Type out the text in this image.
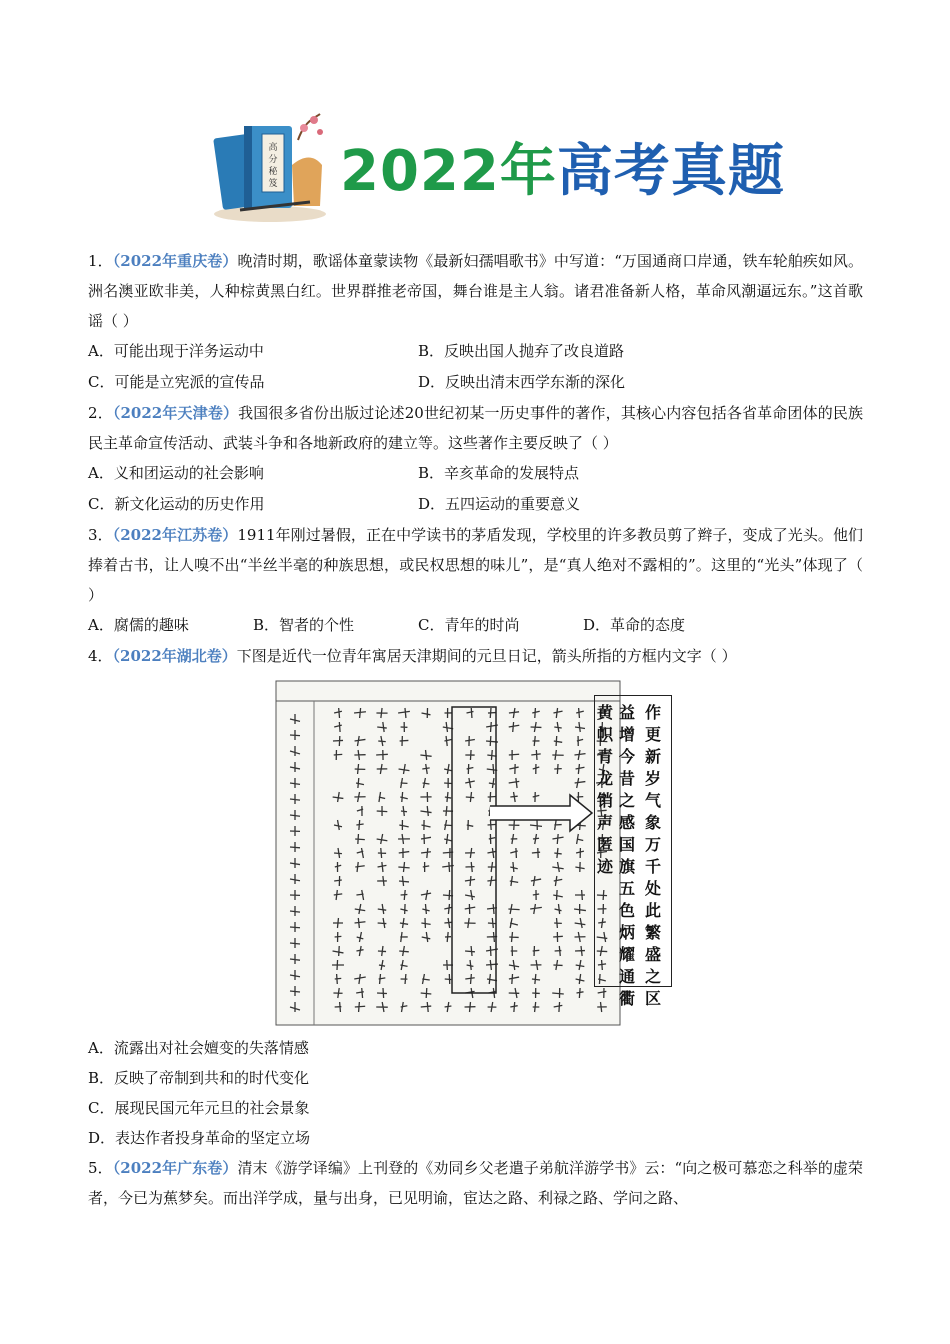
高
分
秘
笈 2022年高考真题

1．（2022年重庆卷）晚清时期，歌谣体童蒙读物《最新妇孺唱歌书》中写道：“万国通商口岸通，铁车轮舶疾如风。洲名澳亚欧非美，人种棕黄黑白红。世界群推老帝国，舞台谁是主人翁。诸君准备新人格，革命风潮逼远东。”这首歌谣（ ）

A．可能出现于洋务运动中	B．反映出国人抛弃了改良道路
C．可能是立宪派的宣传品	D．反映出清末西学东渐的深化

2．（2022年天津卷）我国很多省份出版过论述20世纪初某一历史事件的著作，其核心内容包括各省革命团体的民族民主革命宣传活动、武装斗争和各地新政府的建立等。这些著作主要反映了（ ）

A．义和团运动的社会影响	B．辛亥革命的发展特点
C．新文化运动的历史作用	D．五四运动的重要意义

3．（2022年江苏卷）1911年刚过暑假，正在中学读书的茅盾发现，学校里的许多教员剪了辫子，变成了光头。他们捧着古书，让人嗅不出“半丝半毫的种族思想，或民权思想的味儿”，是“真人绝对不露相的”。这里的“光头”体现了（ ）

A．腐儒的趣味	B．智者的个性	C．青年的时尚	D．革命的态度

4．（2022年湖北卷）下图是近代一位青年寓居天津期间的元旦日记，箭头所指的方框内文字（ ）

作更新岁气象万千处此繁盛之区
益增今昔之感国旗五色炳耀通衢
黄帜青龙销声匿迹
A．流露出对社会嬗变的失落情感
B．反映了帝制到共和的时代变化
C．展现民国元年元旦的社会景象
D．表达作者投身革命的坚定立场

5．（2022年广东卷）清末《游学译编》上刊登的《劝同乡父老遣子弟航洋游学书》云：“向之极可慕恋之科举的虚荣者，今已为蕉梦矣。而出洋学成，量与出身，已见明谕，宦达之路、利禄之路、学问之路、
